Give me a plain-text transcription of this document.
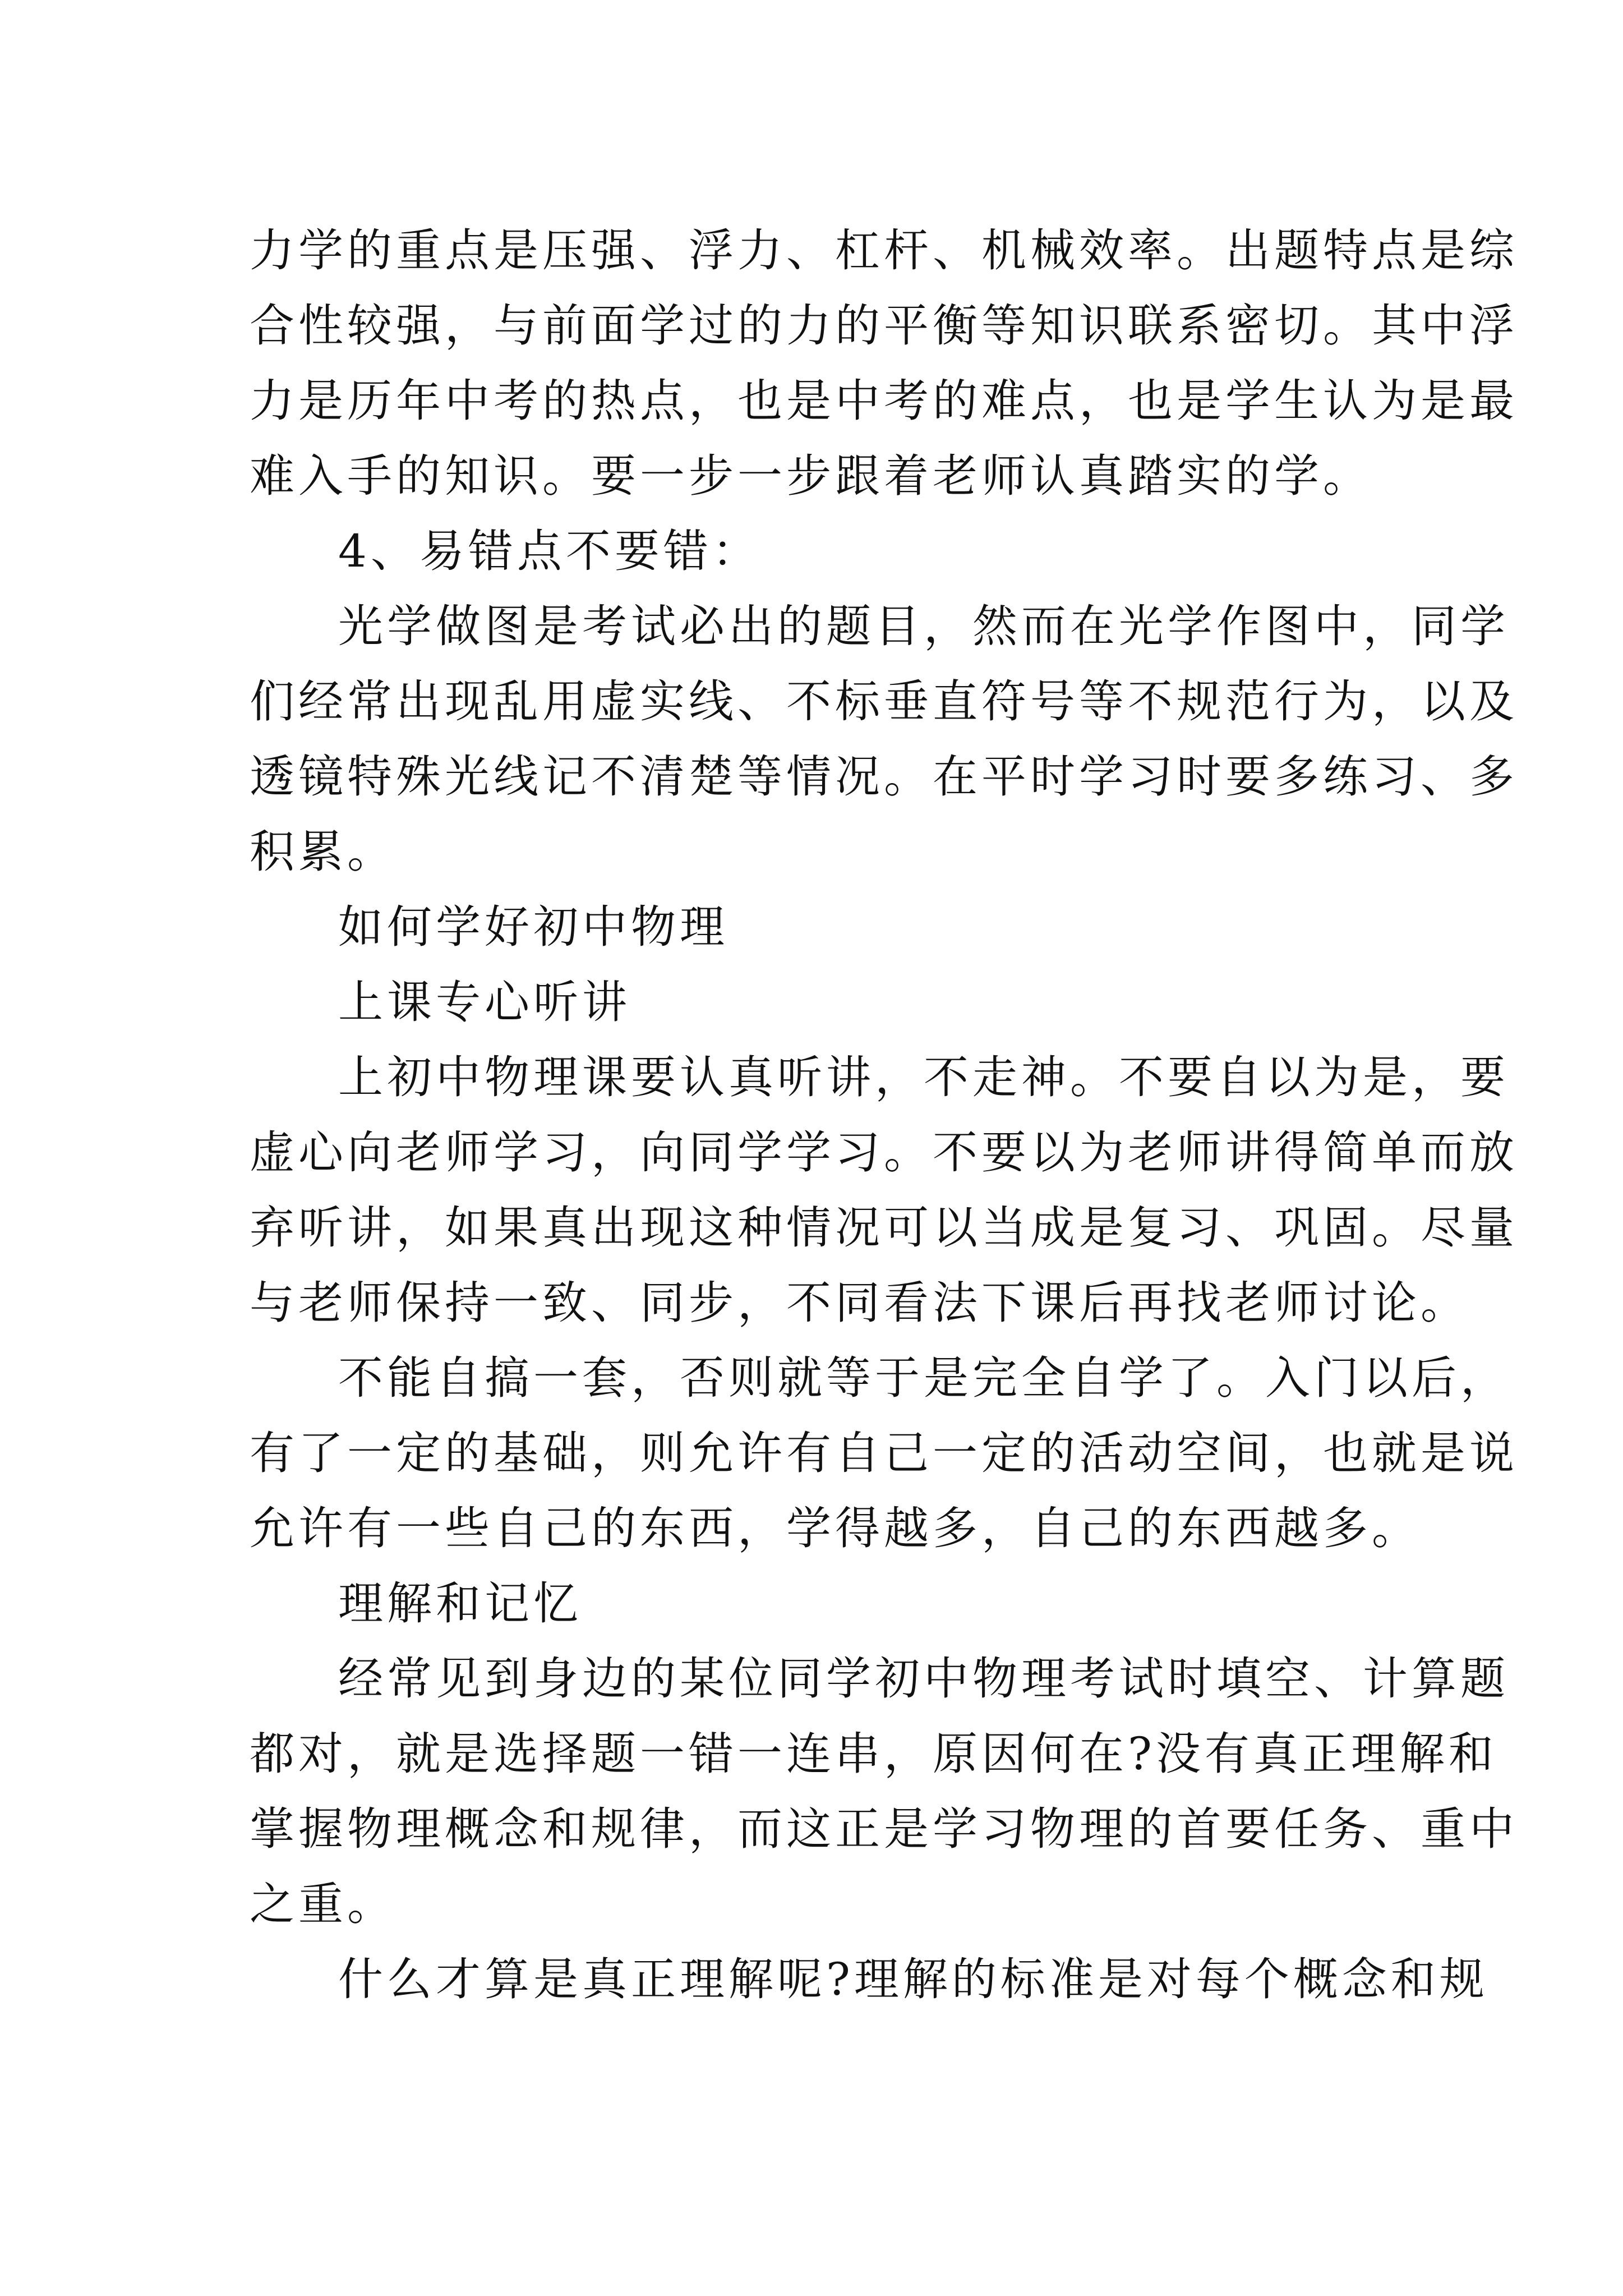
力学的重点是压强、浮力、杠杆、机械效率。出题特点是综
合性较强，与前面学过的力的平衡等知识联系密切。其中浮
力是历年中考的热点，也是中考的难点，也是学生认为是最
难入手的知识。要一步一步跟着老师认真踏实的学。
4、易错点不要错：
光学做图是考试必出的题目，然而在光学作图中，同学
们经常出现乱用虚实线、不标垂直符号等不规范行为，以及
透镜特殊光线记不清楚等情况。在平时学习时要多练习、多
积累。
如何学好初中物理
上课专心听讲
上初中物理课要认真听讲，不走神。不要自以为是，要
虚心向老师学习，向同学学习。不要以为老师讲得简单而放
弃听讲，如果真出现这种情况可以当成是复习、巩固。尽量
与老师保持一致、同步，不同看法下课后再找老师讨论。
不能自搞一套，否则就等于是完全自学了。入门以后，
有了一定的基础，则允许有自己一定的活动空间，也就是说
允许有一些自己的东西，学得越多，自己的东西越多。
理解和记忆
经常见到身边的某位同学初中物理考试时填空、计算题
都对，就是选择题一错一连串，原因何在?没有真正理解和
掌握物理概念和规律，而这正是学习物理的首要任务、重中
之重。
什么才算是真正理解呢?理解的标准是对每个概念和规
